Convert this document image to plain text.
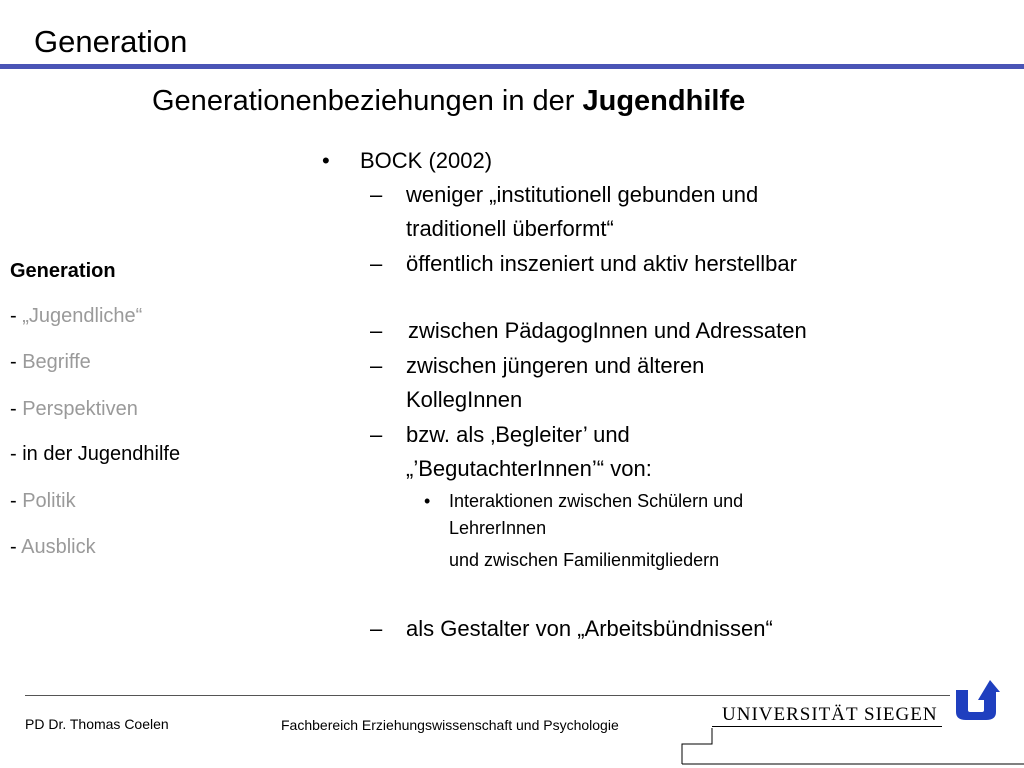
Generation
Generationenbeziehungen in der Jugendhilfe
Generation
- „Jugendliche“
- Begriffe
- Perspektiven
- in der Jugendhilfe
- Politik
- Ausblick
• BOCK (2002)
– weniger „institutionell gebunden und
traditionell überformt“
– öffentlich inszeniert und aktiv herstellbar
– zwischen PädagogInnen und Adressaten
– zwischen jüngeren und älteren
KollegInnen
– bzw. als ‚Begleiter’ und
„’BegutachterInnen’“ von:
• Interaktionen zwischen Schülern und
LehrerInnen
und zwischen Familienmitgliedern
– als Gestalter von „Arbeitsbündnissen“
PD Dr. Thomas Coelen	Fachbereich Erziehungswissenschaft und Psychologie	UNIVERSITÄT SIEGEN
